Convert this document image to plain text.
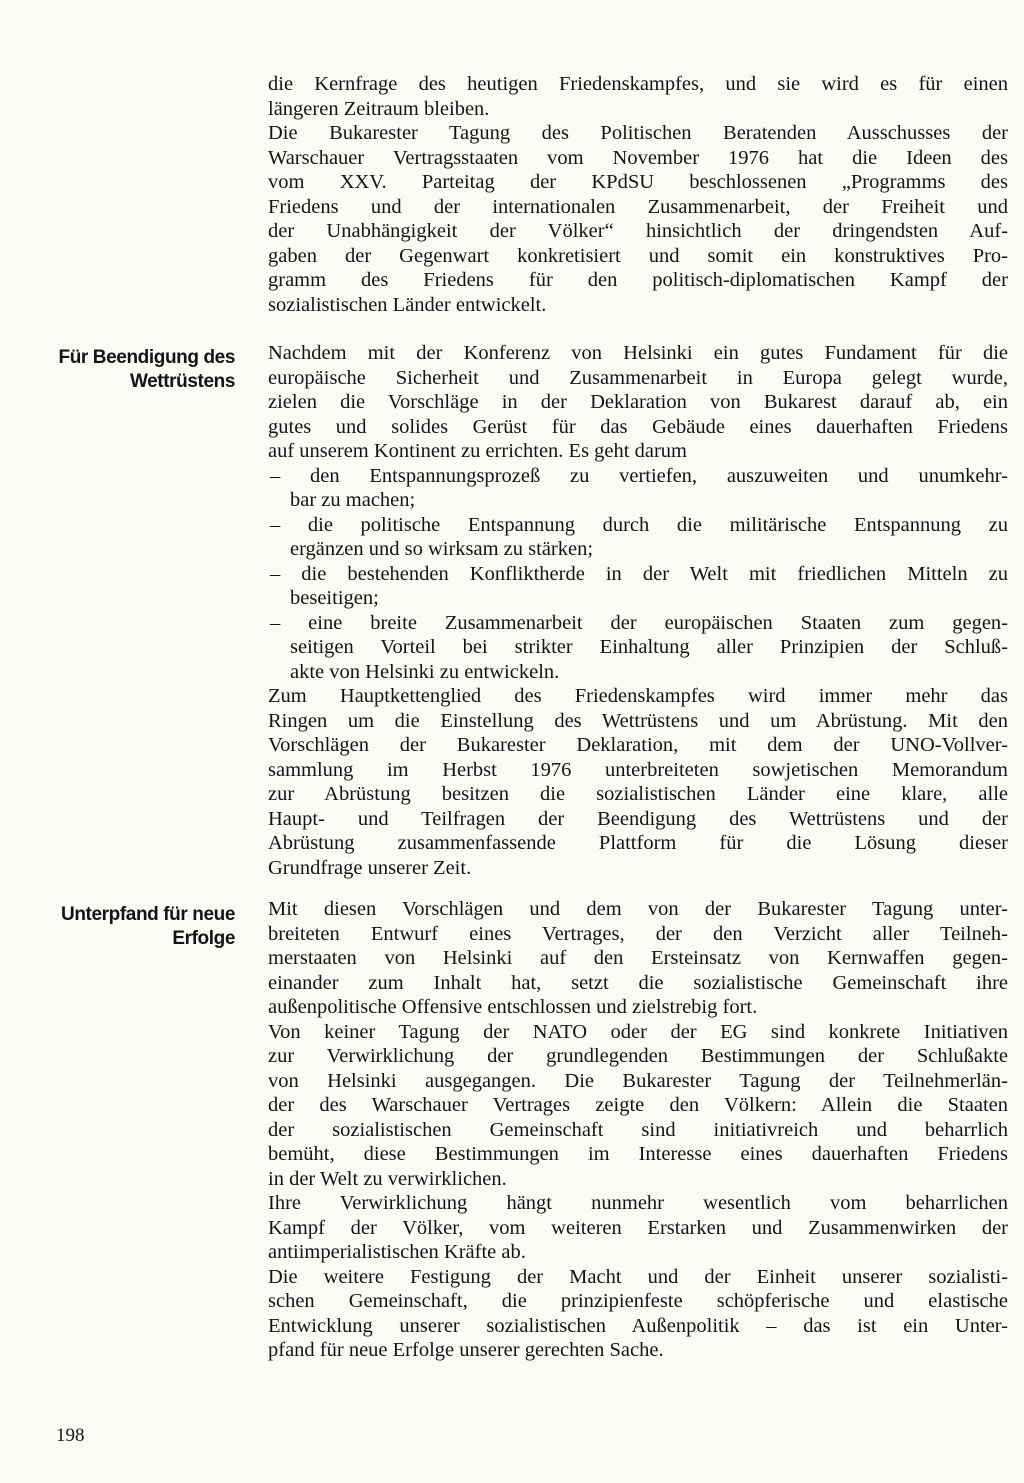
die Kernfrage des heutigen Friedenskampfes, und sie wird es für einen
längeren Zeitraum bleiben.
Die Bukarester Tagung des Politischen Beratenden Ausschusses der
Warschauer Vertragsstaaten vom November 1976 hat die Ideen des
vom XXV. Parteitag der KPdSU beschlossenen „Programms des
Friedens und der internationalen Zusammenarbeit, der Freiheit und
der Unabhängigkeit der Völker“ hinsichtlich der dringendsten Auf-
gaben der Gegenwart konkretisiert und somit ein konstruktives Pro-
gramm des Friedens für den politisch-diplomatischen Kampf der
sozialistischen Länder entwickelt.
Für Beendigung des
Wettrüstens
Nachdem mit der Konferenz von Helsinki ein gutes Fundament für die
europäische Sicherheit und Zusammenarbeit in Europa gelegt wurde,
zielen die Vorschläge in der Deklaration von Bukarest darauf ab, ein
gutes und solides Gerüst für das Gebäude eines dauerhaften Friedens
auf unserem Kontinent zu errichten. Es geht darum
– den Entspannungsprozeß zu vertiefen, auszuweiten und unumkehr-
bar zu machen;
– die politische Entspannung durch die militärische Entspannung zu
ergänzen und so wirksam zu stärken;
– die bestehenden Konfliktherde in der Welt mit friedlichen Mitteln zu
beseitigen;
– eine breite Zusammenarbeit der europäischen Staaten zum gegen-
seitigen Vorteil bei strikter Einhaltung aller Prinzipien der Schluß-
akte von Helsinki zu entwickeln.
Zum Hauptkettenglied des Friedenskampfes wird immer mehr das
Ringen um die Einstellung des Wettrüstens und um Abrüstung. Mit den
Vorschlägen der Bukarester Deklaration, mit dem der UNO-Vollver-
sammlung im Herbst 1976 unterbreiteten sowjetischen Memorandum
zur Abrüstung besitzen die sozialistischen Länder eine klare, alle
Haupt- und Teilfragen der Beendigung des Wettrüstens und der
Abrüstung zusammenfassende Plattform für die Lösung dieser
Grundfrage unserer Zeit.
Unterpfand für neue
Erfolge
Mit diesen Vorschlägen und dem von der Bukarester Tagung unter-
breiteten Entwurf eines Vertrages, der den Verzicht aller Teilneh-
merstaaten von Helsinki auf den Ersteinsatz von Kernwaffen gegen-
einander zum Inhalt hat, setzt die sozialistische Gemeinschaft ihre
außenpolitische Offensive entschlossen und zielstrebig fort.
Von keiner Tagung der NATO oder der EG sind konkrete Initiativen
zur Verwirklichung der grundlegenden Bestimmungen der Schlußakte
von Helsinki ausgegangen. Die Bukarester Tagung der Teilnehmerlän-
der des Warschauer Vertrages zeigte den Völkern: Allein die Staaten
der sozialistischen Gemeinschaft sind initiativreich und beharrlich
bemüht, diese Bestimmungen im Interesse eines dauerhaften Friedens
in der Welt zu verwirklichen.
Ihre Verwirklichung hängt nunmehr wesentlich vom beharrlichen
Kampf der Völker, vom weiteren Erstarken und Zusammenwirken der
antiimperialistischen Kräfte ab.
Die weitere Festigung der Macht und der Einheit unserer sozialisti-
schen Gemeinschaft, die prinzipienfeste schöpferische und elastische
Entwicklung unserer sozialistischen Außenpolitik – das ist ein Unter-
pfand für neue Erfolge unserer gerechten Sache.
198
